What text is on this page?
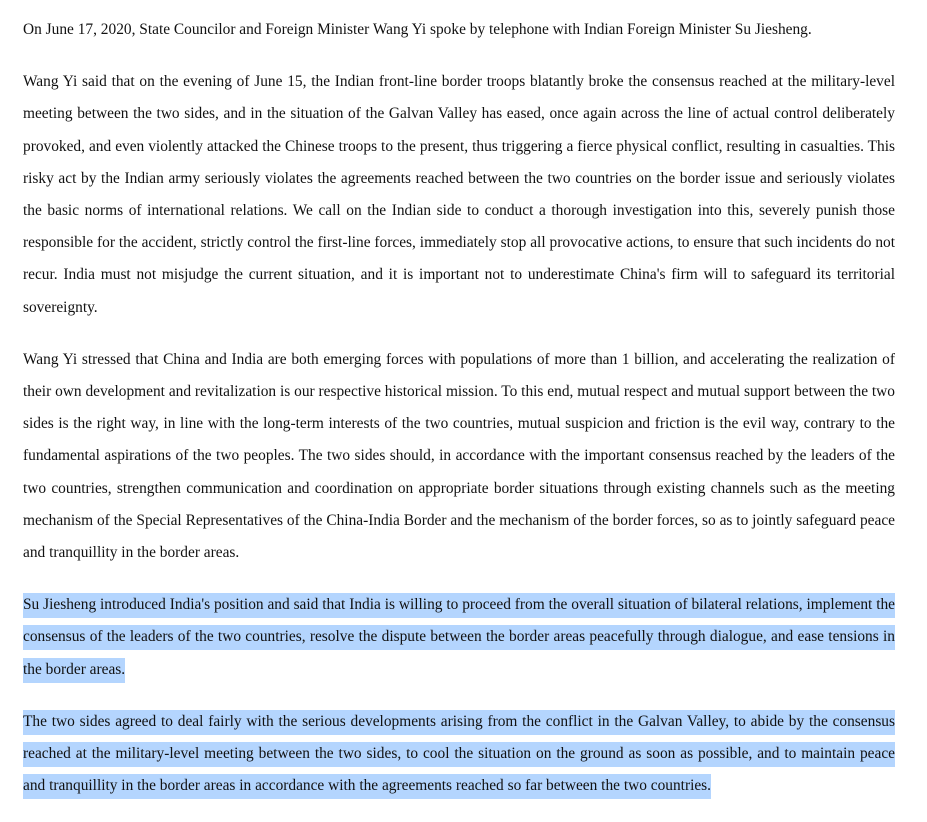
On June 17, 2020, State Councilor and Foreign Minister Wang Yi spoke by telephone with Indian Foreign Minister Su Jiesheng.

Wang Yi said that on the evening of June 15, the Indian front-line border troops blatantly broke the consensus reached at the military-level meeting between the two sides, and in the situation of the Galvan Valley has eased, once again across the line of actual control deliberately provoked, and even violently attacked the Chinese troops to the present, thus triggering a fierce physical conflict, resulting in casualties. This risky act by the Indian army seriously violates the agreements reached between the two countries on the border issue and seriously violates the basic norms of international relations. We call on the Indian side to conduct a thorough investigation into this, severely punish those responsible for the accident, strictly control the first-line forces, immediately stop all provocative actions, to ensure that such incidents do not recur. India must not misjudge the current situation, and it is important not to underestimate China's firm will to safeguard its territorial sovereignty.

Wang Yi stressed that China and India are both emerging forces with populations of more than 1 billion, and accelerating the realization of their own development and revitalization is our respective historical mission. To this end, mutual respect and mutual support between the two sides is the right way, in line with the long-term interests of the two countries, mutual suspicion and friction is the evil way, contrary to the fundamental aspirations of the two peoples. The two sides should, in accordance with the important consensus reached by the leaders of the two countries, strengthen communication and coordination on appropriate border situations through existing channels such as the meeting mechanism of the Special Representatives of the China-India Border and the mechanism of the border forces, so as to jointly safeguard peace and tranquillity in the border areas.

Su Jiesheng introduced India's position and said that India is willing to proceed from the overall situation of bilateral relations, implement the consensus of the leaders of the two countries, resolve the dispute between the border areas peacefully through dialogue, and ease tensions in the border areas.

The two sides agreed to deal fairly with the serious developments arising from the conflict in the Galvan Valley, to abide by the consensus reached at the military-level meeting between the two sides, to cool the situation on the ground as soon as possible, and to maintain peace and tranquillity in the border areas in accordance with the agreements reached so far between the two countries.
